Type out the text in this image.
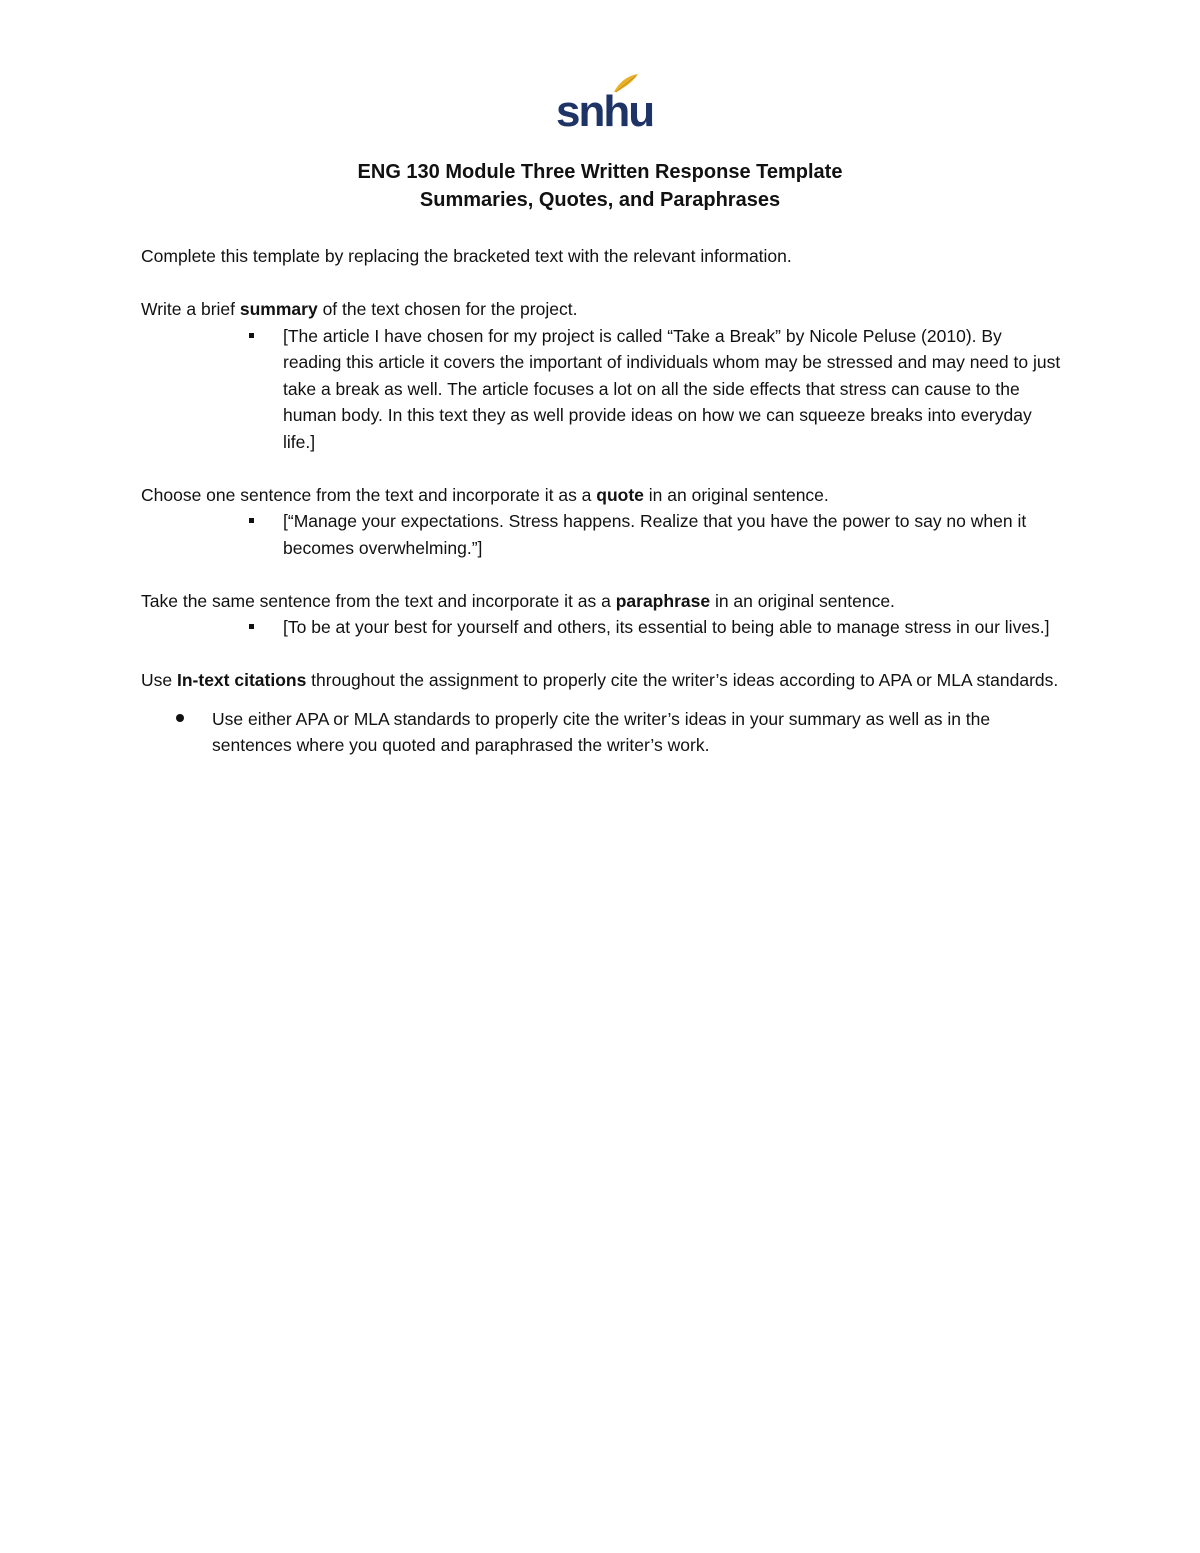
snhu
ENG 130 Module Three Written Response Template
Summaries, Quotes, and Paraphrases

Complete this template by replacing the bracketed text with the relevant information.

Write a brief summary of the text chosen for the project.

[The article I have chosen for my project is called “Take a Break” by Nicole Peluse (2010). By reading this article it covers the important of individuals whom may be stressed and may need to just take a break as well. The article focuses a lot on all the side effects that stress can cause to the human body. In this text they as well provide ideas on how we can squeeze breaks into everyday life.]

Choose one sentence from the text and incorporate it as a quote in an original sentence.

[“Manage your expectations. Stress happens. Realize that you have the power to say no when it becomes overwhelming.”]

Take the same sentence from the text and incorporate it as a paraphrase in an original sentence.

[To be at your best for yourself and others, its essential to being able to manage stress in our lives.]

Use In-text citations throughout the assignment to properly cite the writer’s ideas according to APA or MLA standards.

Use either APA or MLA standards to properly cite the writer’s ideas in your summary as well as in the sentences where you quoted and paraphrased the writer’s work.
